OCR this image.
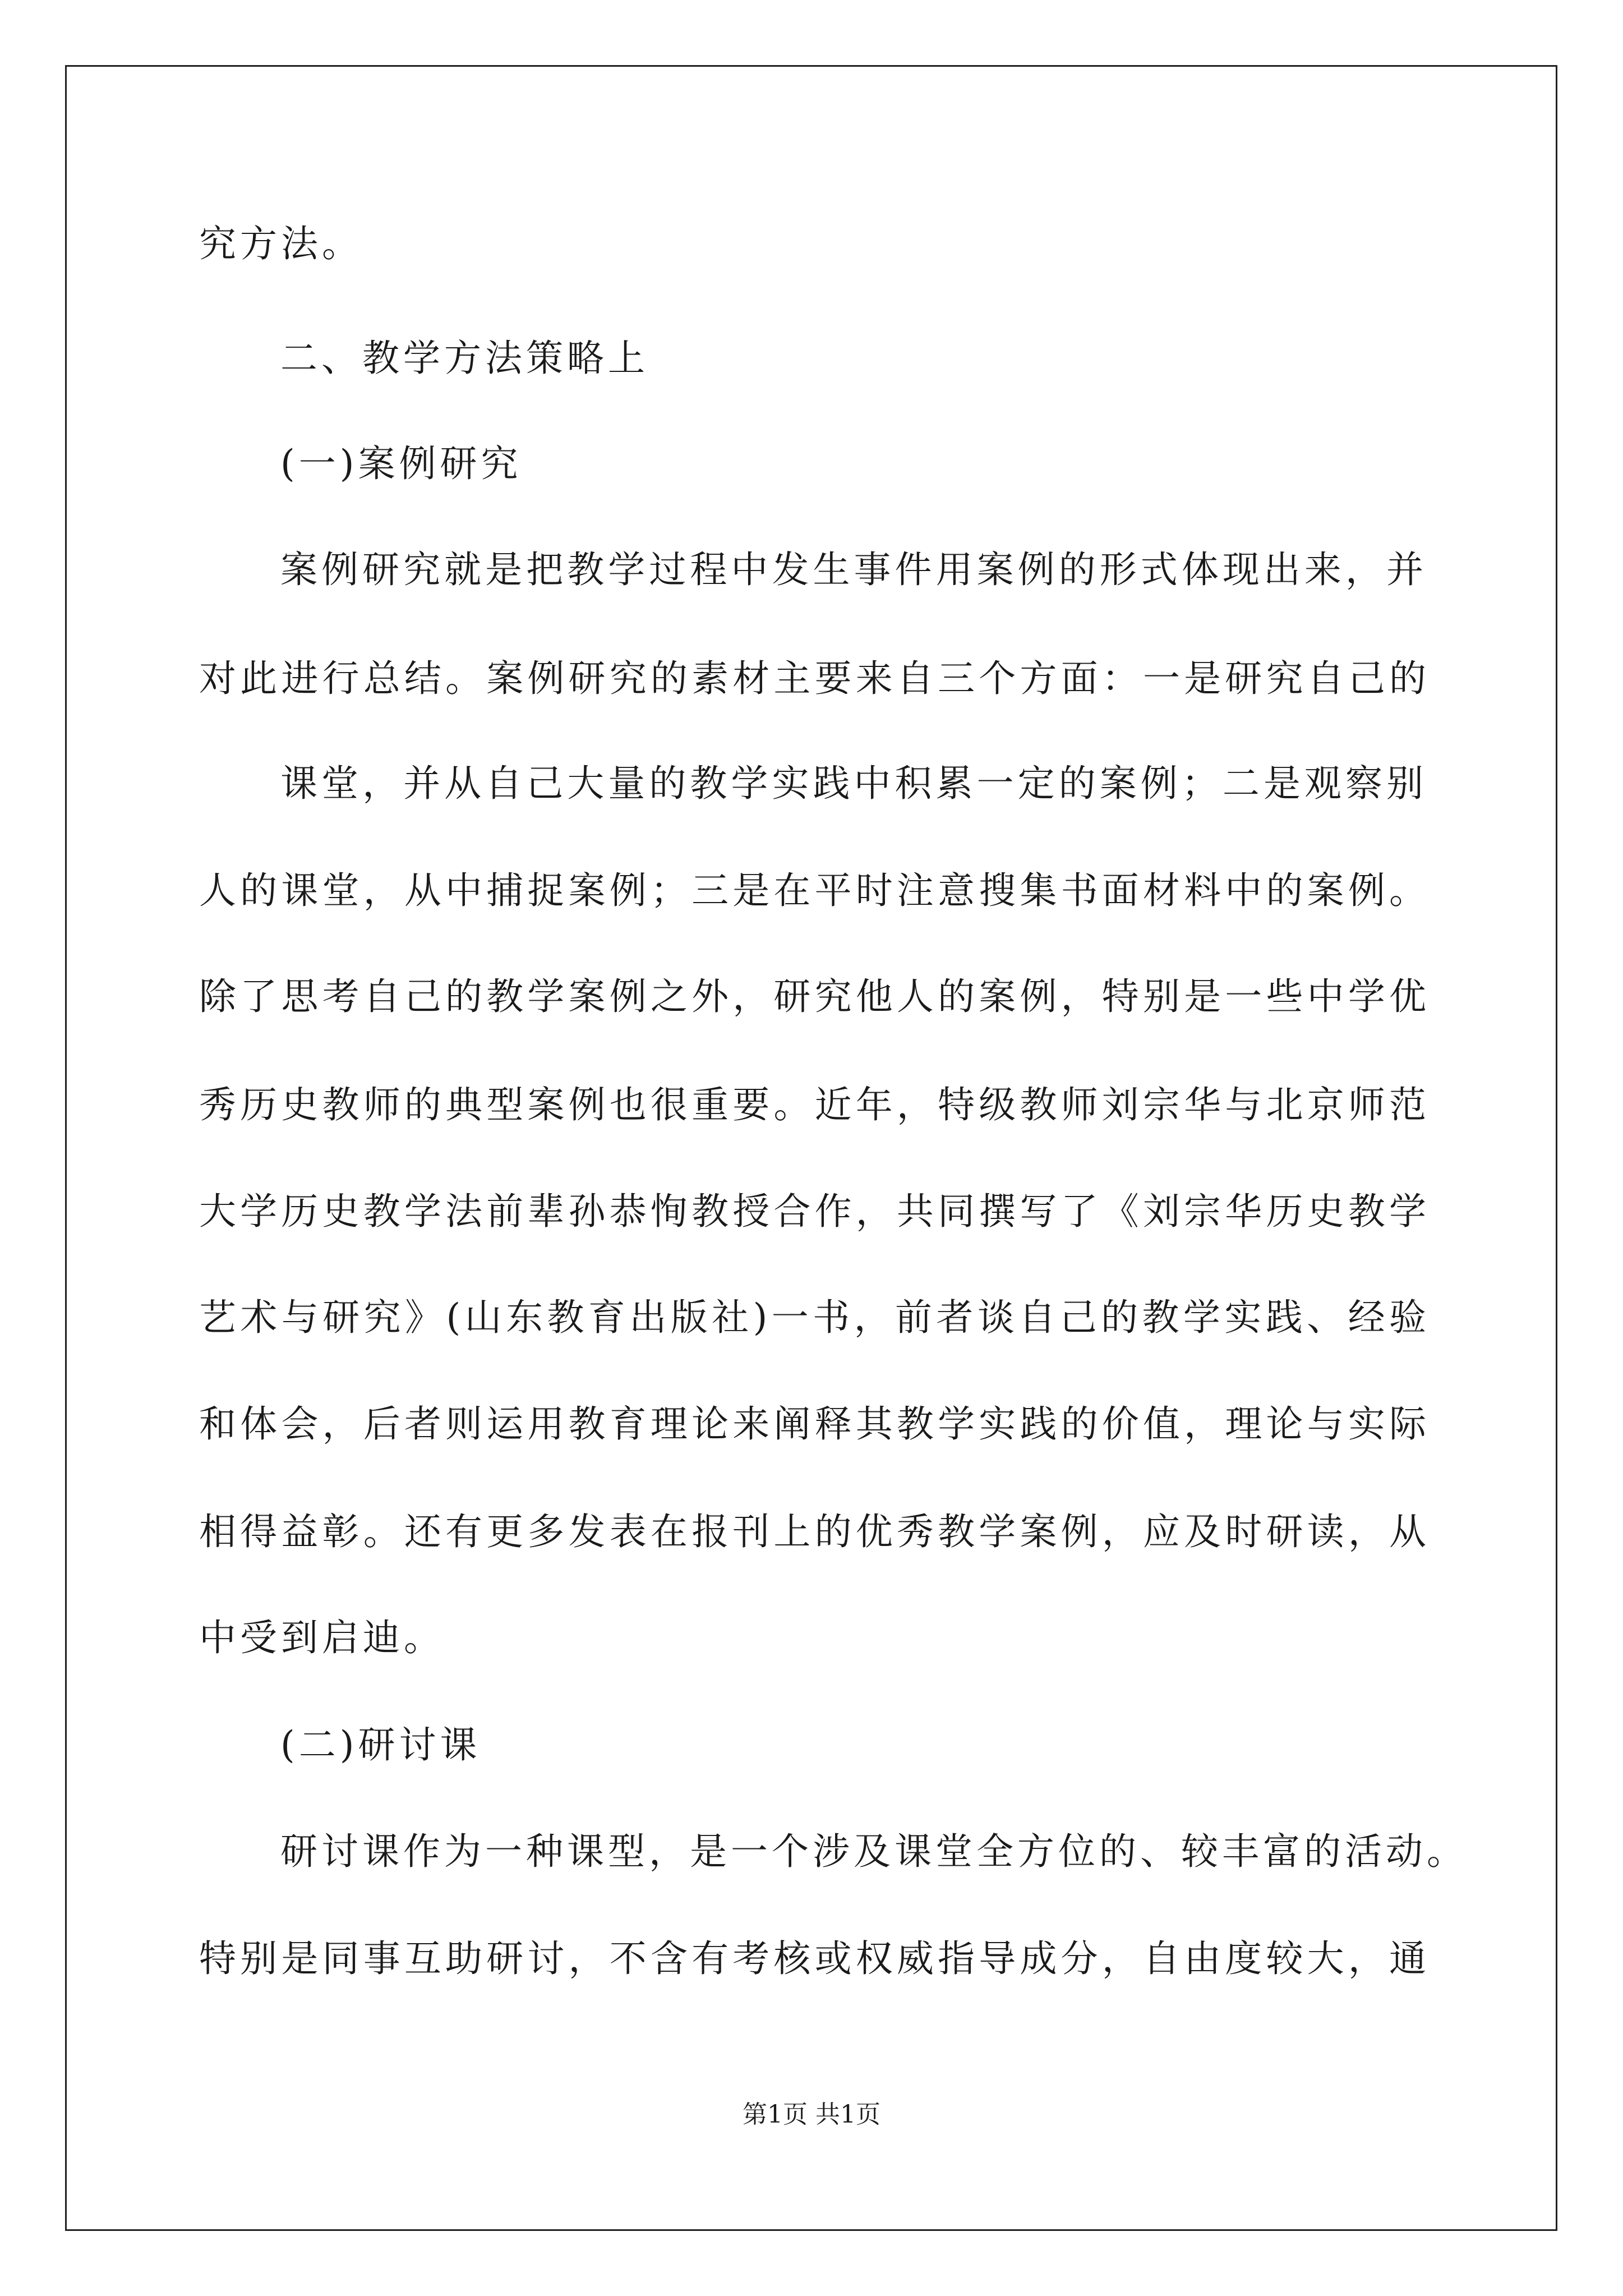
究方法。
二、教学方法策略上
(一)案例研究
案例研究就是把教学过程中发生事件用案例的形式体现出来，并
对此进行总结。案例研究的素材主要来自三个方面：一是研究自己的
课堂，并从自己大量的教学实践中积累一定的案例；二是观察别
人的课堂，从中捕捉案例；三是在平时注意搜集书面材料中的案例。
除了思考自己的教学案例之外，研究他人的案例，特别是一些中学优
秀历史教师的典型案例也很重要。近年，特级教师刘宗华与北京师范
大学历史教学法前辈孙恭恂教授合作，共同撰写了《刘宗华历史教学
艺术与研究》(山东教育出版社)一书，前者谈自己的教学实践、经验
和体会，后者则运用教育理论来阐释其教学实践的价值，理论与实际
相得益彰。还有更多发表在报刊上的优秀教学案例，应及时研读，从
中受到启迪。
(二)研讨课
研讨课作为一种课型，是一个涉及课堂全方位的、较丰富的活动。
特别是同事互助研讨，不含有考核或权威指导成分，自由度较大，通
第1页 共1页
